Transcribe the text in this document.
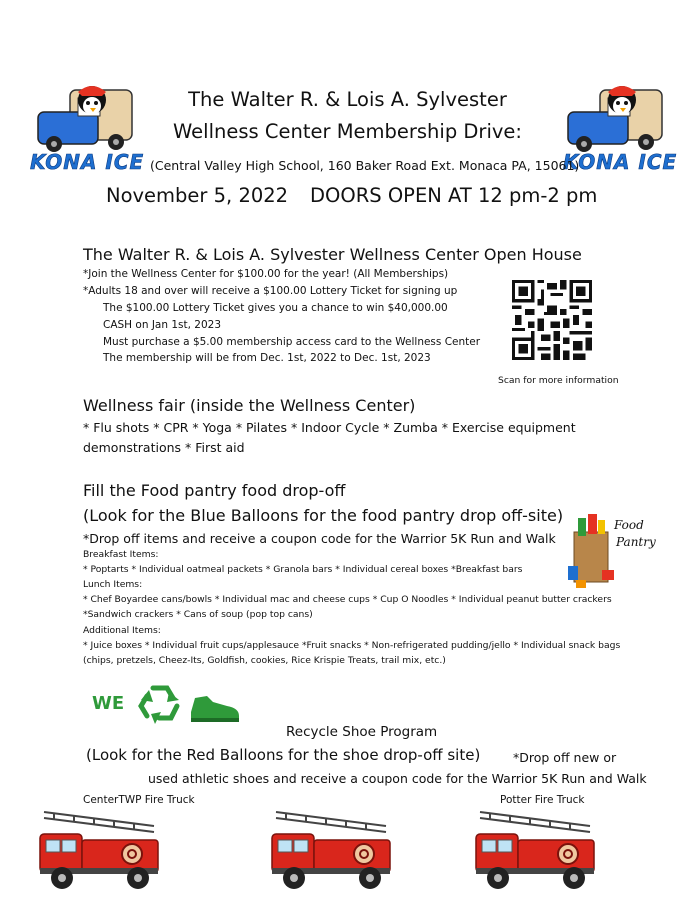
KONA ICE	KONA ICE
The Walter R. & Lois A. Sylvester
Wellness Center Membership Drive:
(Central Valley High School, 160 Baker Road Ext. Monaca PA, 15061)
November 5, 2022 DOORS OPEN AT 12 pm-2 pm
The Walter R. & Lois A. Sylvester Wellness Center Open House
*Join the Wellness Center for $100.00 for the year! (All Memberships)
*Adults 18 and over will receive a $100.00 Lottery Ticket for signing up
The $100.00 Lottery Ticket gives you a chance to win $40,000.00
CASH on Jan 1st, 2023
Must purchase a $5.00 membership access card to the Wellness Center
The membership will be from Dec. 1st, 2022 to Dec. 1st, 2023
Scan for more information
Wellness fair (inside the Wellness Center)
* Flu shots * CPR * Yoga * Pilates * Indoor Cycle * Zumba * Exercise equipment
demonstrations * First aid
Fill the Food pantry food drop-off
(Look for the Blue Balloons for the food pantry drop off-site)
*Drop off items and receive a coupon code for the Warrior 5K Run and Walk
Food
Pantry
Breakfast Items:
* Poptarts * Individual oatmeal packets * Granola bars * Individual cereal boxes *Breakfast bars
Lunch Items:
* Chef Boyardee cans/bowls * Individual mac and cheese cups * Cup O Noodles * Individual peanut butter crackers
*Sandwich crackers * Cans of soup (pop top cans)
Additional Items:
* Juice boxes * Individual fruit cups/applesauce *Fruit snacks * Non-refrigerated pudding/jello * Individual snack bags
(chips, pretzels, Cheez-Its, Goldfish, cookies, Rice Krispie Treats, trail mix, etc.)
WE
Recycle Shoe Program
(Look for the Red Balloons for the shoe drop-off site)	*Drop off new or
used athletic shoes and receive a coupon code for the Warrior 5K Run and Walk
CenterTWP Fire Truck	Potter Fire Truck
